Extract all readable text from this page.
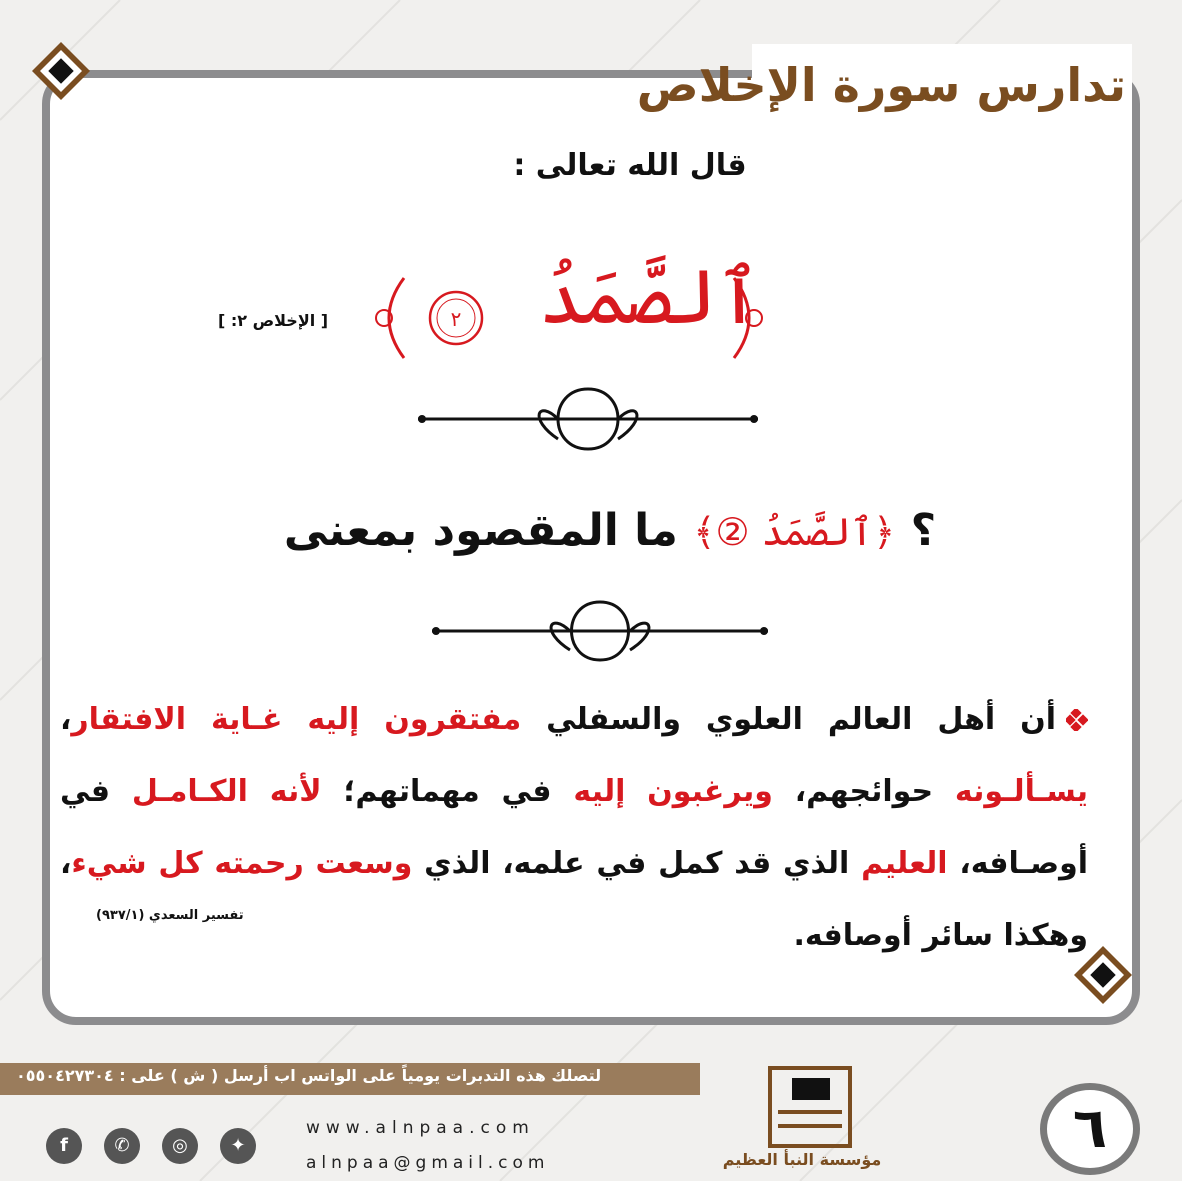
تدارس سورة الإخلاص
قال الله تعالى :
٢	ٱلصَّمَدُ
[ الإخلاص ٢: ]
؟ ﴿ٱلصَّمَدُ ②﴾ ما المقصود بمعنى
أن أهل العالم العلوي والسفلي مفتقرون إليه غـاية الافتقار، يسـألـونه حوائجهم، ويرغبون إليه في مهماتهم؛ لأنه الكـامـل في أوصـافه، العليم الذي قد كمل في علمه، الذي وسعت رحمته كل شيء، وهكذا سائر أوصافه.
تفسير السعدي (٩٣٧/١)
لتصلك هذه التدبرات يومياً على الواتس اب أرسل ( ش ) على : ٠٥٥٠٤٢٧٣٠٤
www.alnpaa.com
alnpaa@gmail.com
f	✆	◎	✦
مؤسسة النبأ العظيم	٦
